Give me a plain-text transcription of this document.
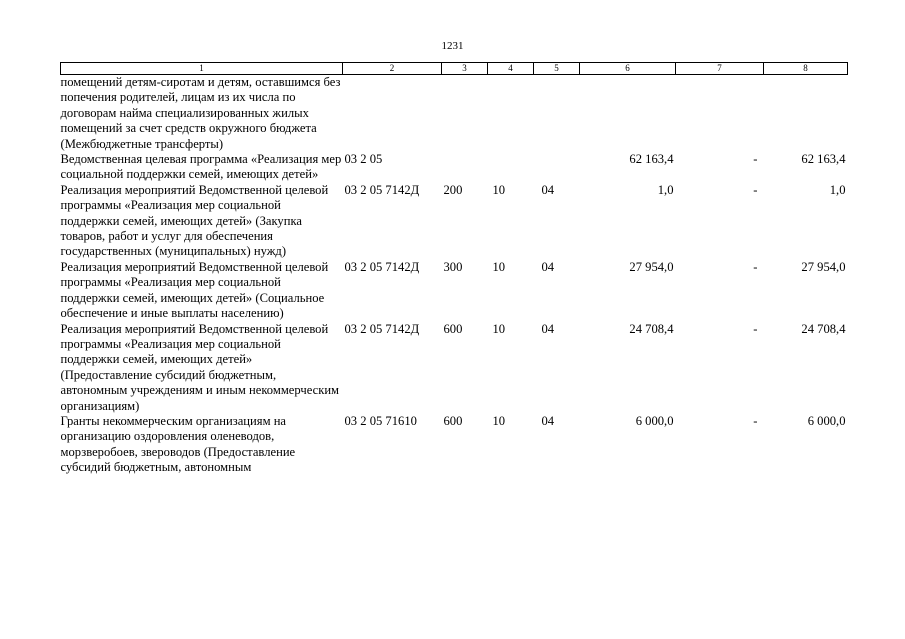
1231
1	2	3	4	5	6	7	8
помещений детям-сиротам и детям, оставшимся без попечения родителей, лицам из их числа по договорам найма специализированных жилых помещений за счет средств окружного бюджета (Межбюджетные трансферты)							
Ведомственная целевая программа «Реализация мер социальной поддержки семей, имеющих детей»	03 2 05				62 163,4	-	62 163,4
Реализация мероприятий Ведомственной целевой программы «Реализация мер социальной поддержки семей, имеющих детей» (Закупка товаров, работ и услуг для обеспечения государственных (муниципальных) нужд)	03 2 05 7142Д	200	10	04	1,0	-	1,0
Реализация мероприятий Ведомственной целевой программы «Реализация мер социальной поддержки семей, имеющих детей» (Социальное обеспечение и иные выплаты населению)	03 2 05 7142Д	300	10	04	27 954,0	-	27 954,0
Реализация мероприятий Ведомственной целевой программы «Реализация мер социальной поддержки семей, имеющих детей» (Предоставление субсидий бюджетным, автономным учреждениям и иным некоммерческим организациям)	03 2 05 7142Д	600	10	04	24 708,4	-	24 708,4
Гранты некоммерческим организациям на организацию оздоровления оленеводов, морзверобоев, звероводов (Предоставление субсидий бюджетным, автономным	03 2 05 71610	600	10	04	6 000,0	-	6 000,0
